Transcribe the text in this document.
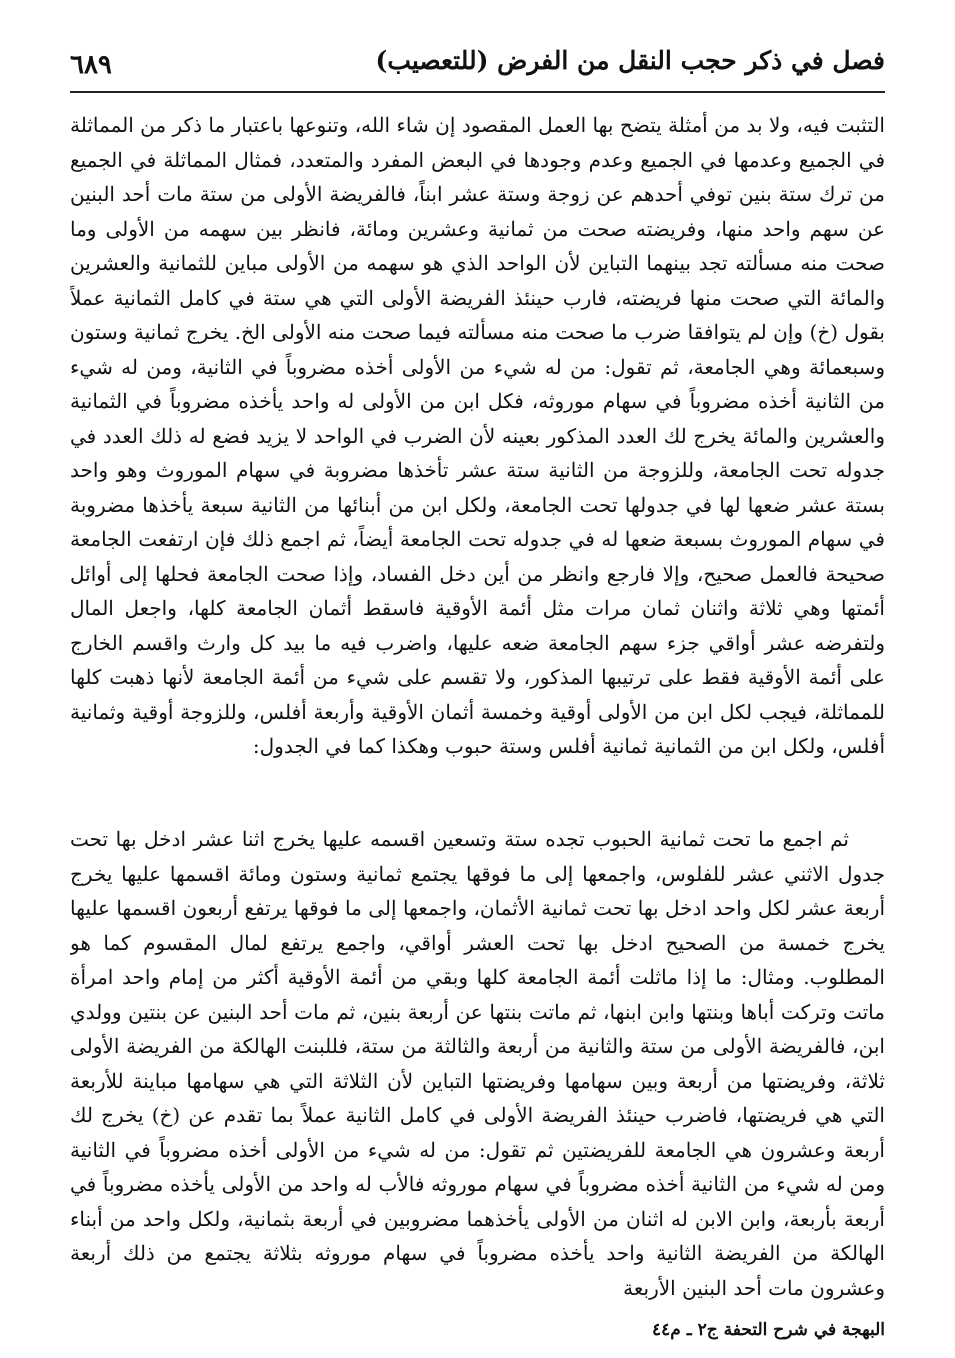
٦٨٩	فصل في ذكر حجب النقل من الفرض (للتعصيب)

التثبت فيه، ولا بد من أمثلة يتضح بها العمل المقصود إن شاء الله، وتنوعها باعتبار ما ذكر من المماثلة في الجميع وعدمها في الجميع وعدم وجودها في البعض المفرد والمتعدد، فمثال المماثلة في الجميع من ترك ستة بنين توفي أحدهم عن زوجة وستة عشر ابناً، فالفريضة الأولى من ستة مات أحد البنين عن سهم واحد منها، وفريضته صحت من ثمانية وعشرين ومائة، فانظر بين سهمه من الأولى وما صحت منه مسألته تجد بينهما التباين لأن الواحد الذي هو سهمه من الأولى مباين للثمانية والعشرين والمائة التي صحت منها فريضته، فارب حينئذ الفريضة الأولى التي هي ستة في كامل الثمانية عملاً بقول (خ) وإن لم يتوافقا ضرب ما صحت منه مسألته فيما صحت منه الأولى الخ. يخرج ثمانية وستون وسبعمائة وهي الجامعة، ثم تقول: من له شيء من الأولى أخذه مضروباً في الثانية، ومن له شيء من الثانية أخذه مضروباً في سهام موروثه، فكل ابن من الأولى له واحد يأخذه مضروباً في الثمانية والعشرين والمائة يخرج لك العدد المذكور بعينه لأن الضرب في الواحد لا يزيد فضع له ذلك العدد في جدوله تحت الجامعة، وللزوجة من الثانية ستة عشر تأخذها مضروبة في سهام الموروث وهو واحد بستة عشر ضعها لها في جدولها تحت الجامعة، ولكل ابن من أبنائها من الثانية سبعة يأخذها مضروبة في سهام الموروث بسبعة ضعها له في جدوله تحت الجامعة أيضاً، ثم اجمع ذلك فإن ارتفعت الجامعة صحيحة فالعمل صحيح، وإلا فارجع وانظر من أين دخل الفساد، وإذا صحت الجامعة فحلها إلى أوائل أئمتها وهي ثلاثة واثنان ثمان مرات مثل أئمة الأوقية فاسقط أثمان الجامعة كلها، واجعل المال ولتفرضه عشر أواقي جزء سهم الجامعة ضعه عليها، واضرب فيه ما بيد كل وارث واقسم الخارج على أئمة الأوقية فقط على ترتيبها المذكور، ولا تقسم على شيء من أئمة الجامعة لأنها ذهبت كلها للمماثلة، فيجب لكل ابن من الأولى أوقية وخمسة أثمان الأوقية وأربعة أفلس، وللزوجة أوقية وثمانية أفلس، ولكل ابن من الثمانية ثمانية أفلس وستة حبوب وهكذا كما في الجدول:

ثم اجمع ما تحت ثمانية الحبوب تجده ستة وتسعين اقسمه عليها يخرج اثنا عشر ادخل بها تحت جدول الاثني عشر للفلوس، واجمعها إلى ما فوقها يجتمع ثمانية وستون ومائة اقسمها عليها يخرج أربعة عشر لكل واحد ادخل بها تحت ثمانية الأثمان، واجمعها إلى ما فوقها يرتفع أربعون اقسمها عليها يخرج خمسة من الصحيح ادخل بها تحت العشر أواقي، واجمع يرتفع لمال المقسوم كما هو المطلوب. ومثال: ما إذا ماثلت أئمة الجامعة كلها وبقي من أئمة الأوقية أكثر من إمام واحد امرأة ماتت وتركت أباها وبنتها وابن ابنها، ثم ماتت بنتها عن أربعة بنين، ثم مات أحد البنين عن بنتين وولدي ابن، فالفريضة الأولى من ستة والثانية من أربعة والثالثة من ستة، فللبنت الهالكة من الفريضة الأولى ثلاثة، وفريضتها من أربعة وبين سهامها وفريضتها التباين لأن الثلاثة التي هي سهامها مباينة للأربعة التي هي فريضتها، فاضرب حينئذ الفريضة الأولى في كامل الثانية عملاً بما تقدم عن (خ) يخرج لك أربعة وعشرون هي الجامعة للفريضتين ثم تقول: من له شيء من الأولى أخذه مضروباً في الثانية ومن له شيء من الثانية أخذه مضروباً في سهام موروثه فالأب له واحد من الأولى يأخذه مضروباً في أربعة بأربعة، وابن الابن له اثنان من الأولى يأخذهما مضروبين في أربعة بثمانية، ولكل واحد من أبناء الهالكة من الفريضة الثانية واحد يأخذه مضروباً في سهام موروثه بثلاثة يجتمع من ذلك أربعة وعشرون مات أحد البنين الأربعة

البهجة في شرح التحفة ج٢ ـ م٤٤
